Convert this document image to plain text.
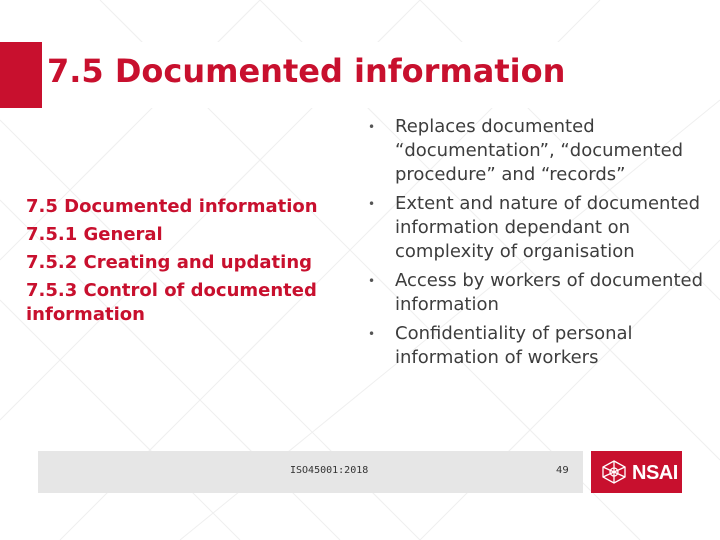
7.5 Documented information
7.5 Documented information
7.5.1 General
7.5.2 Creating and updating
7.5.3 Control of documented
information
• Replaces documented “documentation”, “documented procedure” and “records”
• Extent and nature of documented information dependant on complexity of organisation
• Access by workers of documented information
• Confidentiality of personal information of workers
ISO45001:2018	49	NSAI
